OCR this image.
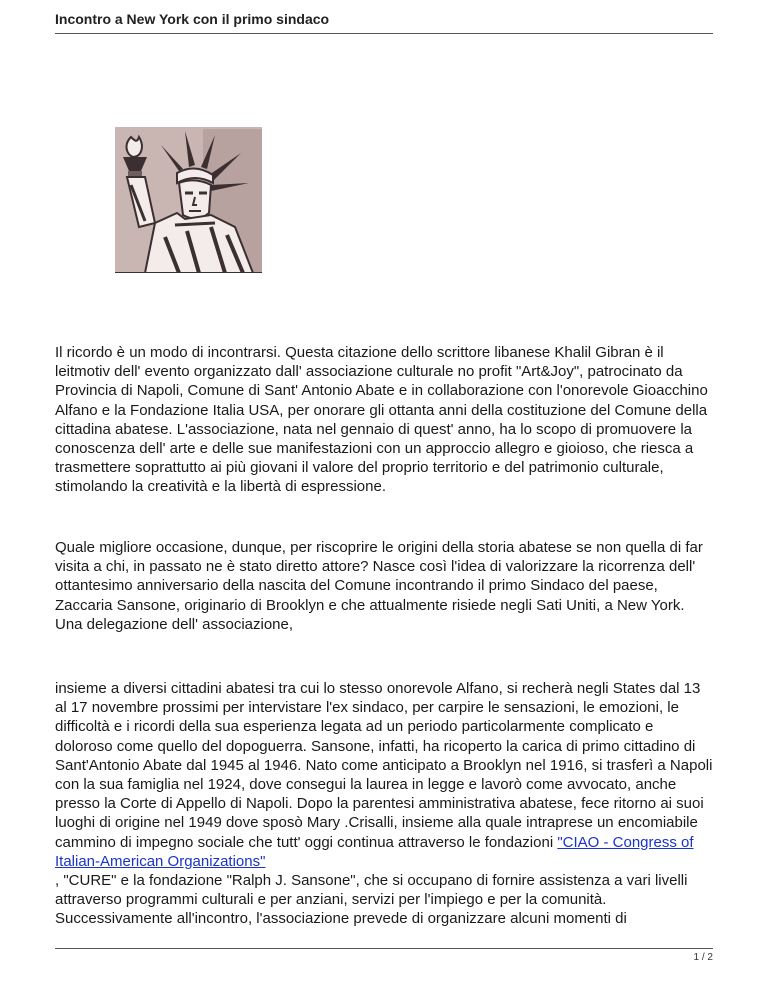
Incontro a New York con il primo sindaco

Il ricordo è un modo di incontrarsi. Questa citazione dello scrittore libanese Khalil Gibran è il leitmotiv dell' evento organizzato dall' associazione culturale no profit "Art&Joy", patrocinato da Provincia di Napoli, Comune di Sant' Antonio Abate e in collaborazione con l'onorevole Gioacchino Alfano e la Fondazione Italia USA, per onorare gli ottanta anni della costituzione del Comune della cittadina abatese. L'associazione, nata nel gennaio di quest' anno, ha lo scopo di promuovere la conoscenza dell' arte e delle sue manifestazioni con un approccio allegro e gioioso, che riesca a trasmettere soprattutto ai più giovani il valore del proprio territorio e del patrimonio culturale, stimolando la creatività e la libertà di espressione.

Quale migliore occasione, dunque, per riscoprire le origini della storia abatese se non quella di far visita a chi, in passato ne è stato diretto attore? Nasce così l'idea di valorizzare la ricorrenza dell' ottantesimo anniversario della nascita del Comune incontrando il primo Sindaco del paese, Zaccaria Sansone, originario di Brooklyn e che attualmente risiede negli Sati Uniti, a New York. Una delegazione dell' associazione,

insieme a diversi cittadini abatesi tra cui lo stesso onorevole Alfano, si recherà negli States dal 13 al 17 novembre prossimi per intervistare l'ex sindaco, per carpire le sensazioni, le emozioni, le difficoltà e i ricordi della sua esperienza legata ad un periodo particolarmente complicato e doloroso come quello del dopoguerra. Sansone, infatti, ha ricoperto la carica di primo cittadino di Sant'Antonio Abate dal 1945 al 1946. Nato come anticipato a Brooklyn nel 1916, si trasferì a Napoli con la sua famiglia nel 1924, dove consegui la laurea in legge e lavorò come avvocato, anche presso la Corte di Appello di Napoli. Dopo la parentesi amministrativa abatese, fece ritorno ai suoi luoghi di origine nel 1949 dove sposò Mary .Crisalli, insieme alla quale intraprese un encomiabile cammino di impegno sociale che tutt' oggi continua attraverso le fondazioni "CIAO - Congress of Italian-American Organizations"
, "CURE" e la fondazione "Ralph J. Sansone", che si occupano di fornire assistenza a vari livelli attraverso programmi culturali e per anziani, servizi per l'impiego e per la comunità. Successivamente all'incontro, l'associazione prevede di organizzare alcuni momenti di

1 / 2
